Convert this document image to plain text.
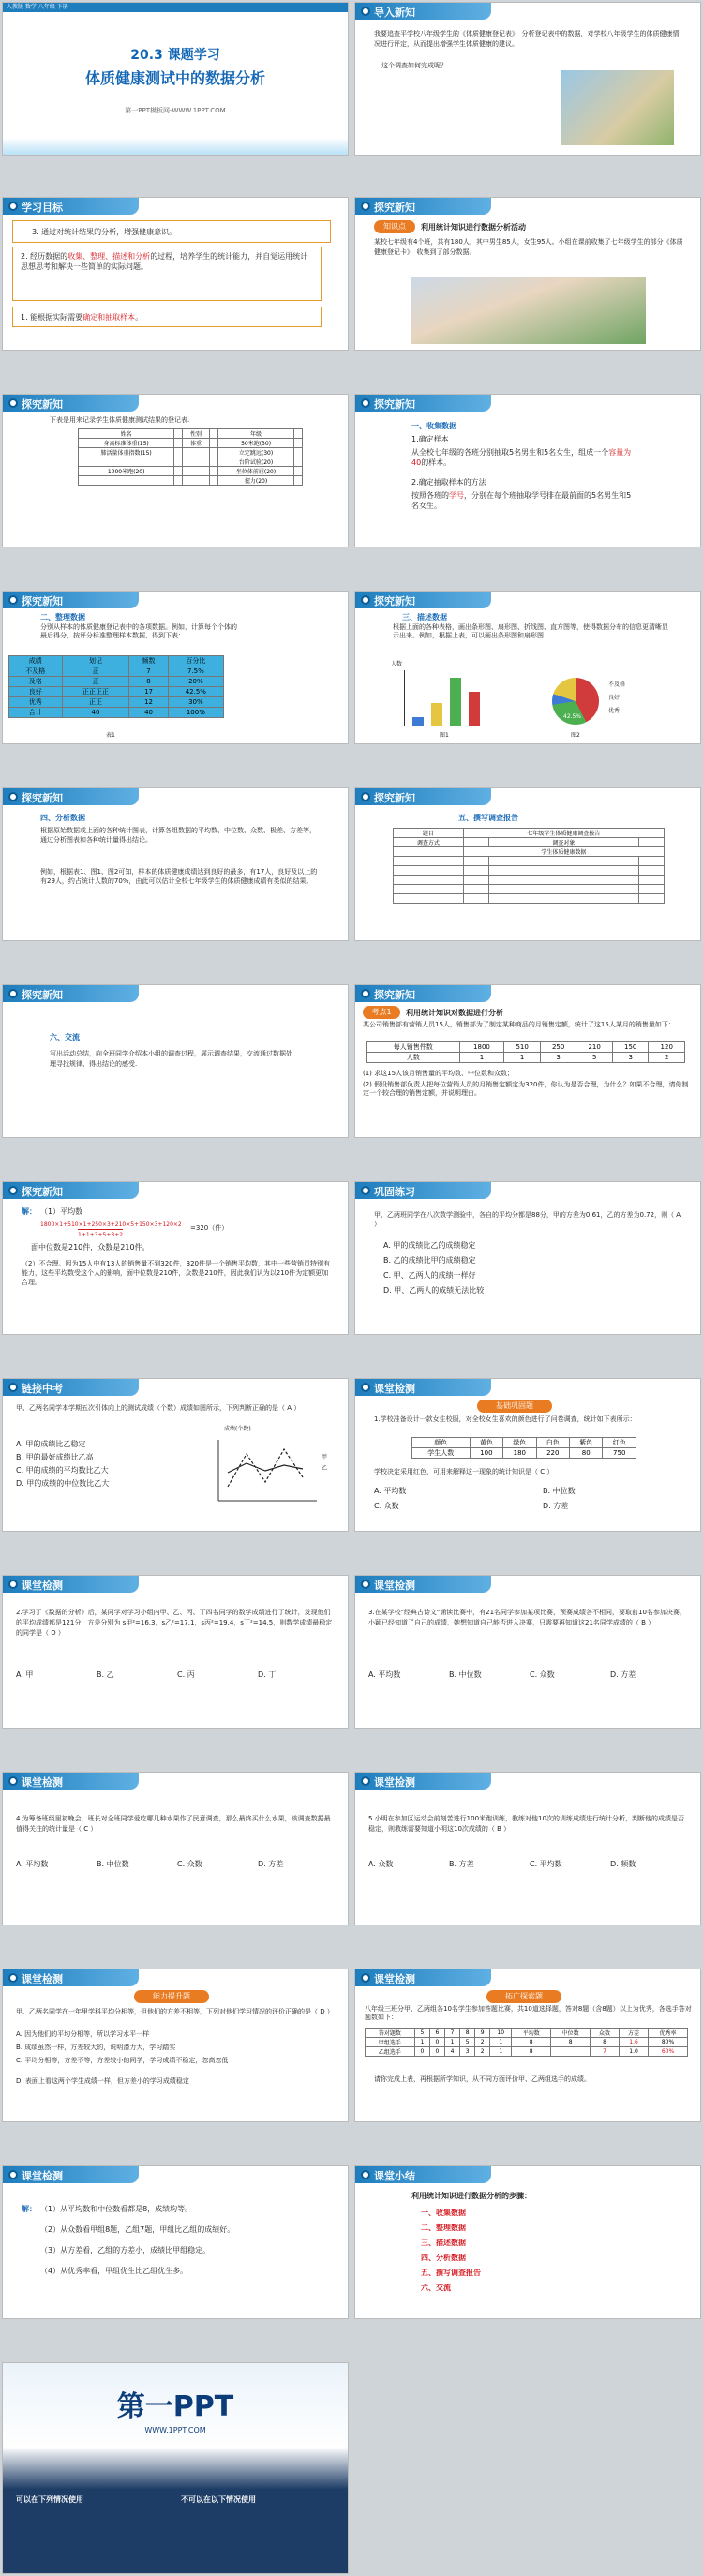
人教版 数学 八年级 下册
20.3 课题学习
体质健康测试中的数据分析
第一PPT模板网-WWW.1PPT.COM
导入新知
我要追查平学校八年级学生的《体质健康登记表》，分析登记表中的数据，对学校八年级学生的体质健康情况进行评定，从而提出增强学生体质健康的建议。
这个调查如何完成呢？
学习目标
3. 通过对统计结果的分析，增强健康意识。
2. 经历数据的收集、整理、描述和分析的过程，培养学生的统计能力，并自觉运用统计思想思考和解决一些简单的实际问题。
1. 能根据实际需要确定和抽取样本。
探究新知
知识点	利用统计知识进行数据分析活动
某校七年级有4个班，共有180人，其中男生85人，女生95人。小组在课前收集了七年级学生的部分《体质健康登记卡》，收集到了部分数据。
探究新知
下表是用来记录学生体质健康测试结果的登记表.
姓名		性别		年级	
身高标准体重(15)		体重		50米跑(30)	
肺活量体重指数(15)				立定跳远(30)	
				台阶试验(20)	
1000米跑(20)				坐位体前屈(20)	
				握力(20)	
探究新知
一、收集数据
1.确定样本
从全校七年级的各班分别抽取5名男生和5名女生，组成一个容量为40的样本。
2.确定抽取样本的方法
按照各班的学号，分别在每个班抽取学号排在最前面的5名男生和5名女生。
探究新知
二、整理数据
分别从样本的体质健康登记表中的各项数据。例如，计算每个个体的最后得分，按评分标准整理样本数据，得到下表：
成绩	划记	频数	百分比
不及格	正	7	7.5%
及格	正	8	20%
良好	正正正正	17	42.5%
优秀	正正	12	30%
合计	40	40	100%
表1
探究新知
三、描述数据
根据上面的各种表格，画出条形图、扇形图、折线图、直方图等，使得数据分布的信息更清晰显示出来。例如，根据上表，可以画出条形图和扇形图.
人数
图1
42.5%
不及格
良好
优秀
图2
探究新知
四、分析数据
根据原始数据或上面的各种统计图表，计算各组数据的平均数、中位数、众数、极差、方差等，通过分析图表和各种统计量得出结论。
例如，根据表1、图1、图2可知，样本的体质健康成绩达到良好的最多，有17人，良好及以上的有29人，约占统计人数的70%，由此可以估计全校七年级学生的体质健康成绩有类似的结果。
探究新知
五、撰写调查报告
题目	七年级学生体质健康调查报告		
调查方式		调查对象	
	学生体质健康数据		

探究新知
六、交流
写出活动总结，向全班同学介绍本小组的调查过程，展示调查结果，交流通过数据处理寻找规律、得出结论的感受.
探究新知
考点1	利用统计知识对数据进行分析
某公司销售部有营销人员15人，销售部为了制定某种商品的月销售定额，统计了这15人某月的销售量如下：
每人销售件数	1800	510	250	210	150	120
人数	1	1	3	5	3	2
(1) 求这15人该月销售量的平均数、中位数和众数；
(2) 假设销售部负责人把每位营销人员的月销售定额定为320件，你认为是否合理，为什么？如果不合理，请你制定一个较合理的销售定额，并说明理由。
探究新知
解： （1）平均数
1800×1+510×1+250×3+210×5+150×3+120×2
1+1+3+5+3+2
=320（件）
面中位数是210件，众数是210件。
（2）不合理。因为15人中有13人的销售量不到320件，320件是一个销售平均数，其中一些营销员特别有能力，这些平均数受这个人的影响，面中位数是210件，众数是210件，因此我们认为以210件为定额更加合理。
巩固练习
甲、乙两班同学在八次数学测验中，各自的平均分都是88分，甲的方差为0.61，乙的方差为0.72，则（ A ）
A. 甲的成绩比乙的成绩稳定
B. 乙的成绩比甲的成绩稳定
C. 甲、乙两人的成绩一样好
D. 甲、乙两人的成绩无法比较
链接中考
甲、乙两名同学本学期五次引体向上的测试成绩（个数）成绩如图所示，下列判断正确的是（ A ）
A. 甲的成绩比乙稳定
B. 甲的最好成绩比乙高
C. 甲的成绩的平均数比乙大
D. 甲的成绩的中位数比乙大
成绩(个数)
甲
乙
课堂检测
基础巩固题
1.学校准备设计一款女生校服，对全校女生喜欢的颜色进行了问卷调查，统计如下表所示：
颜色	黄色	绿色	白色	紫色	红色
学生人数	100	180	220	80	750
学校决定采用红色，可用来解释这一现象的统计知识是（ C ）
A. 平均数	B. 中位数
C. 众数	D. 方差
课堂检测
2.学习了《数据的分析》后，某同学对学习小组内甲、乙、丙、丁四名同学的数学成绩进行了统计，发现他们的平均成绩都是121分，方差分别为 s甲²=16.3，s乙²=17.1，s丙²=19.4，s丁²=14.5，则数学成绩最稳定的同学是（ D ）
A. 甲	B. 乙	C. 丙	D. 丁
课堂检测
3.在某学校"经典古诗文"诵读比赛中，有21名同学参加某项比赛，预赛成绩各不相同，要取前10名参加决赛，小颖已经知道了自己的成绩，她想知道自己能否进入决赛，只需要再知道这21名同学成绩的（ B ）
A. 平均数	B. 中位数	C. 众数	D. 方差
课堂检测
4.为筹备班级里初晚会，班长对全班同学爱吃哪几种水果作了民意调查，那么最终买什么水果，该调查数据最值得关注的统计量是（ C ）
A. 平均数	B. 中位数	C. 众数	D. 方差
课堂检测
5.小明在参加区运动会前刻苦进行100米跑训练，教练对他10次的训练成绩进行统计分析，判断他的成绩是否稳定，则教练需要知道小明这10次成绩的（ B ）
A. 众数	B. 方差	C. 平均数	D. 频数
课堂检测
能力提升题
甲、乙两名同学在一年里学科平均分相等，但他们的方差不相等，下列对他们学习情况的评价正确的是（ D ）
A. 因为他们的平均分相等，所以学习水平一样
B. 成绩虽然一样，方差较大的，说明潜力大，学习踏实
C. 平均分相等，方差不等，方差较小的同学，学习成绩不稳定，忽高忽低
D. 表面上看这两个学生成绩一样，但方差小的学习成绩稳定
课堂检测
拓广探索题
八年级三班分甲、乙两组各10名学生参加答题比赛，共10道选择题，答对8题（含8题）以上为优秀，各选手答对题数如下：
答对题数	5	6	7	8	9	10	平均数	中位数	众数	方差	优秀率
甲组选手	1	0	1	5	2	1	8	8	8	1.6	80%
乙组选手	0	0	4	3	2	1	8		7	1.0	60%
请你完成上表，再根据所学知识，从不同方面评价甲、乙两组选手的成绩。
课堂检测
解： （1）从平均数和中位数看都是8，成绩均等。
（2）从众数看甲组8题，乙组7题，甲组比乙组的成绩好。
（3）从方差看，乙组的方差小，成绩比甲组稳定。
（4）从优秀率看，甲组优生比乙组优生多。
课堂小结
利用统计知识进行数据分析的步骤：
一、收集数据
二、整理数据
三、描述数据
四、分析数据
五、撰写调查报告
六、交流
第一PPT
WWW.1PPT.COM
可以在下列情况使用	不可以在以下情况使用
